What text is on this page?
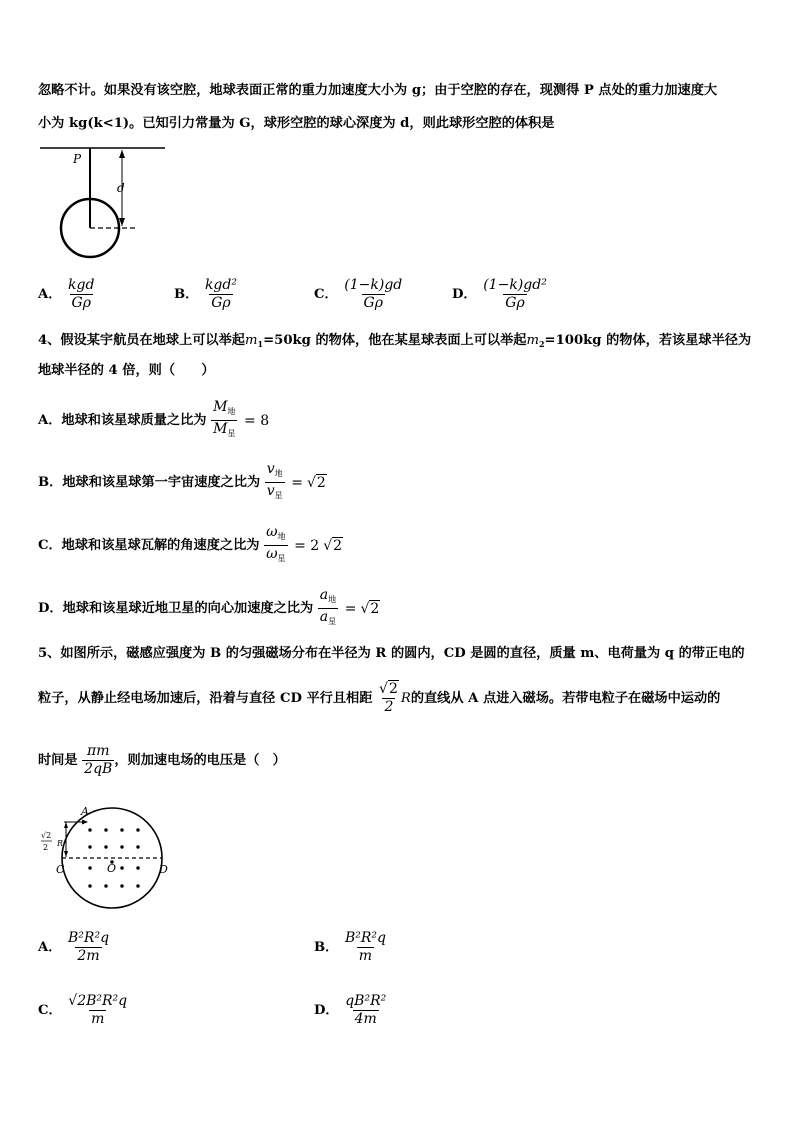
忽略不计。如果没有该空腔，地球表面正常的重力加速度大小为 g；由于空腔的存在，现测得 P 点处的重力加速度大
小为 kg(k<1)。已知引力常量为 G，球形空腔的球心深度为 d，则此球形空腔的体积是
P
d
A． $\frac{\text{kgd}}{G\rho}$	B． $\frac{\text{kgd²}}{G\rho}$	C． $\frac{(1-k)gd}{G\rho}$	D． $\frac{\text{(1−k)gd²}}{G\rho}$
4、假设某宇航员在地球上可以举起$m_1=50kg$ 的物体，他在某星球表面上可以举起$m_2=100kg$ 的物体，若该星球半径为
地球半径的 4 倍，则（　　）
A．地球和该星球质量之比为 $\frac{M_地}{M_星} = 8$
B．地球和该星球第一宇宙速度之比为 $\frac{v_地}{v_星} = √2$
C．地球和该星球瓦解的角速度之比为 $\frac{\omega_地}{\omega_星} = 2$ √2
D．地球和该星球近地卫星的向心加速度之比为 $\frac{a_地}{a_星} = √2$
5、如图所示，磁感应强度为 B 的匀强磁场分布在半径为 R 的圆内，CD 是圆的直径，质量 m、电荷量为 q 的带正电的
粒子，从静止经电场加速后，沿着与直径 CD 平行且相距 $\frac{√2}{2}$ R的直线从 A 点进入磁场。若带电粒子在磁场中运动的
时间是 $\frac{\pi m}{2qB}$ ，则加速电场的电压是（　）
A
C	D
O
R
√2
2
A． $\frac{\text{B²R²q}}{2m}$	B． $\frac{\text{B²R²q}}{m}$
C． $\frac{\text{√2B²R²q}}{m}$	D． $\frac{\text{qB²R²}}{4m}$
